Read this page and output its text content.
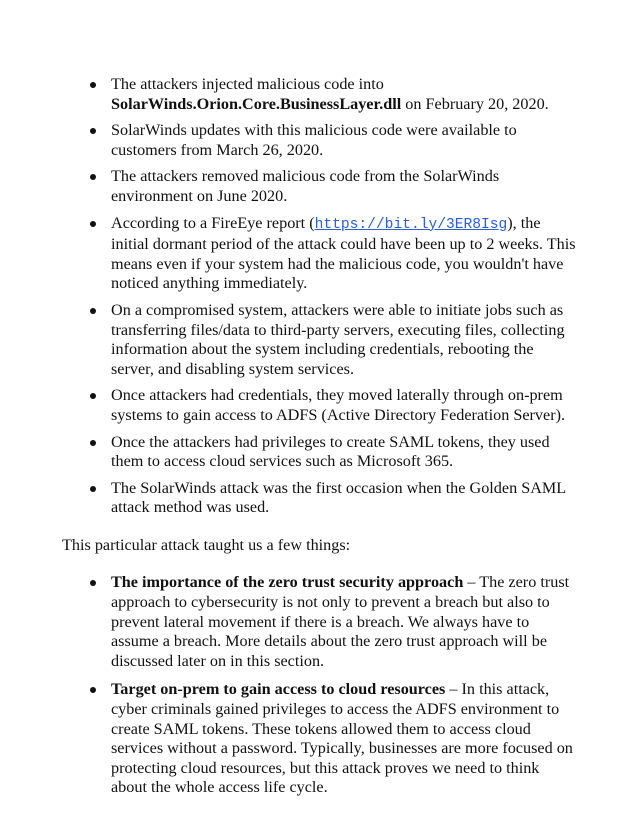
The attackers injected malicious code into SolarWinds.Orion.Core.BusinessLayer.dll on February 20, 2020.
SolarWinds updates with this malicious code were available to customers from March 26, 2020.
The attackers removed malicious code from the SolarWinds environment on June 2020.
According to a FireEye report (https://bit.ly/3ER8Isg), the initial dormant period of the attack could have been up to 2 weeks. This means even if your system had the malicious code, you wouldn't have noticed anything immediately.
On a compromised system, attackers were able to initiate jobs such as transferring files/data to third-party servers, executing files, collecting information about the system including credentials, rebooting the server, and disabling system services.
Once attackers had credentials, they moved laterally through on-prem systems to gain access to ADFS (Active Directory Federation Server).
Once the attackers had privileges to create SAML tokens, they used them to access cloud services such as Microsoft 365.
The SolarWinds attack was the first occasion when the Golden SAML attack method was used.

This particular attack taught us a few things:

The importance of the zero trust security approach – The zero trust approach to cybersecurity is not only to prevent a breach but also to prevent lateral movement if there is a breach. We always have to assume a breach. More details about the zero trust approach will be discussed later on in this section.
Target on-prem to gain access to cloud resources – In this attack, cyber criminals gained privileges to access the ADFS environment to create SAML tokens. These tokens allowed them to access cloud services without a password. Typically, businesses are more focused on protecting cloud resources, but this attack proves we need to think about the whole access life cycle.
